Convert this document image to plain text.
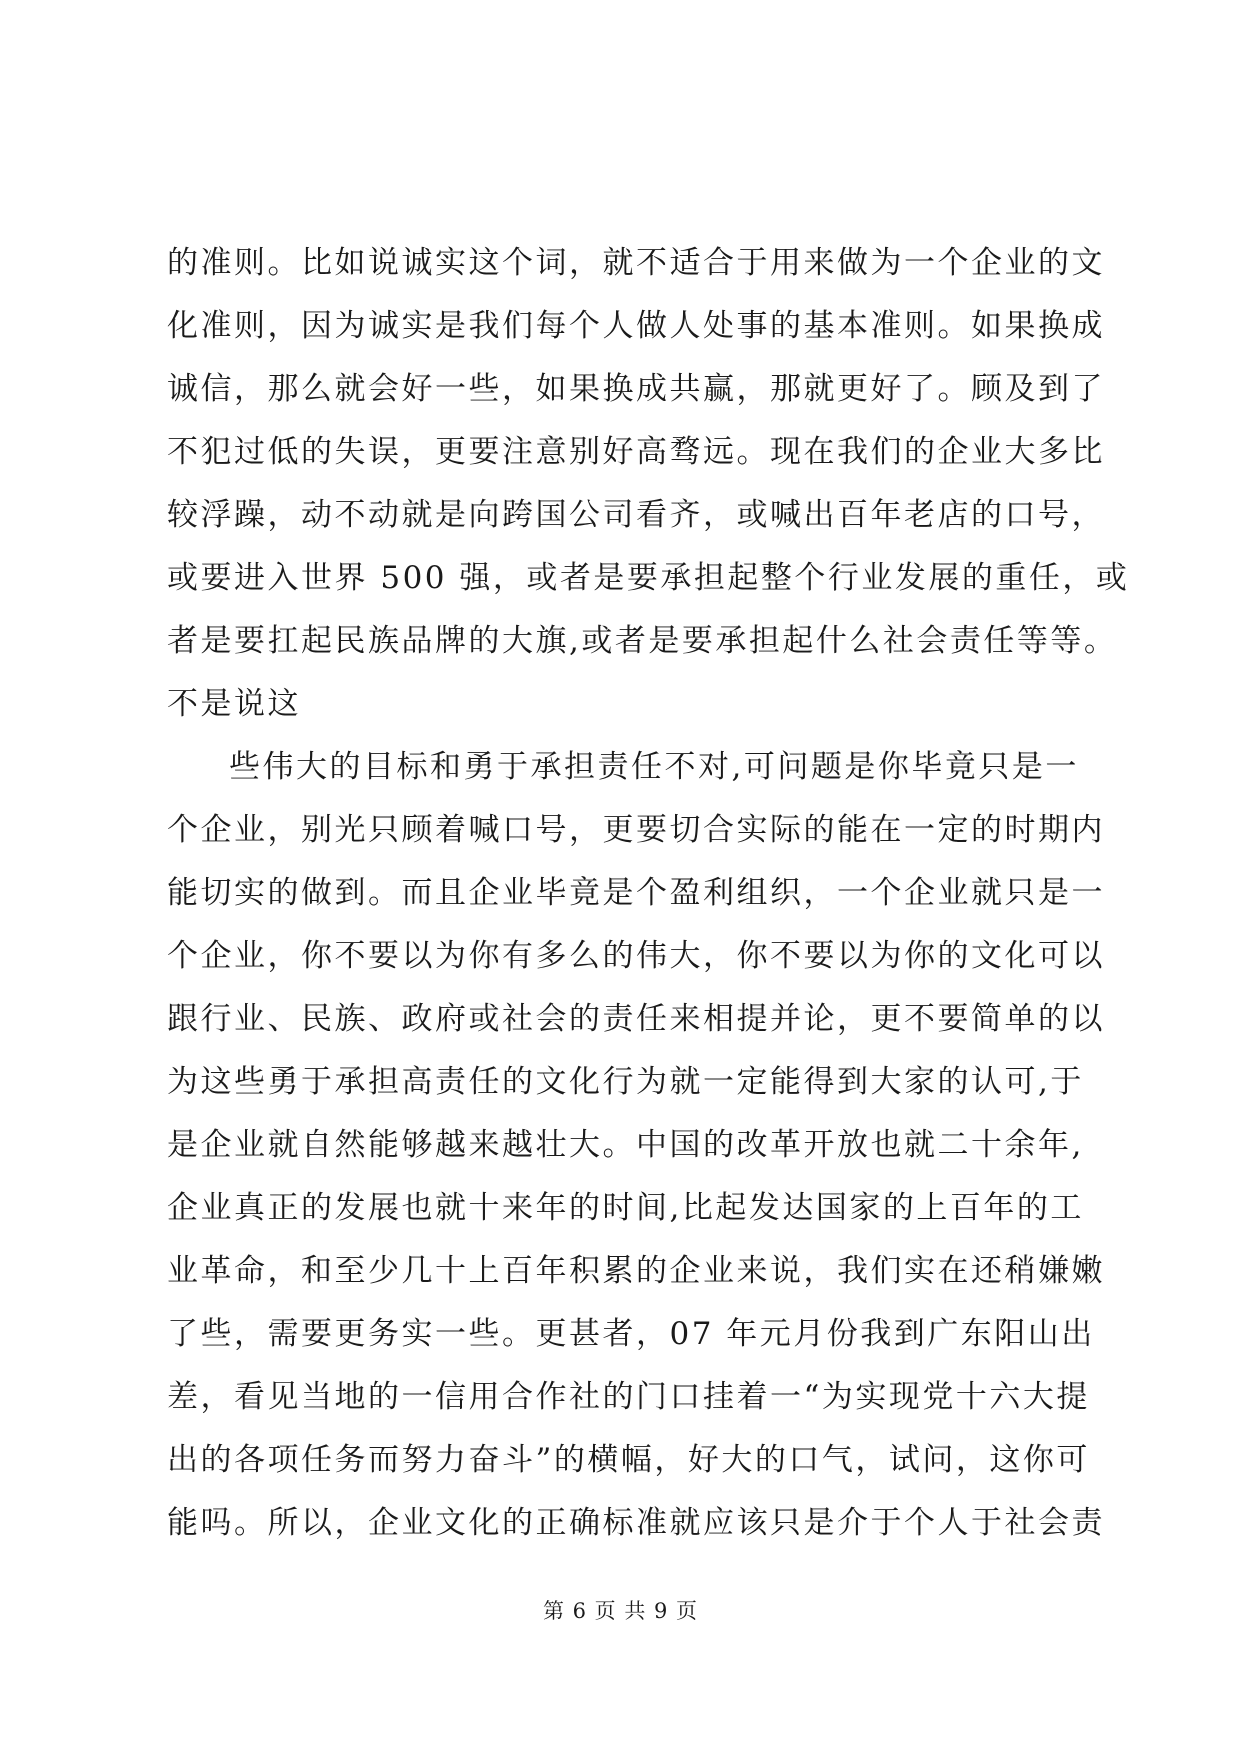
的准则。比如说诚实这个词，就不适合于用来做为一个企业的文
化准则，因为诚实是我们每个人做人处事的基本准则。如果换成
诚信，那么就会好一些，如果换成共赢，那就更好了。顾及到了
不犯过低的失误，更要注意别好高骛远。现在我们的企业大多比
较浮躁，动不动就是向跨国公司看齐，或喊出百年老店的口号，
或要进入世界 500 强，或者是要承担起整个行业发展的重任，或
者是要扛起民族品牌的大旗,或者是要承担起什么社会责任等等。
不是说这
些伟大的目标和勇于承担责任不对,可问题是你毕竟只是一
个企业，别光只顾着喊口号，更要切合实际的能在一定的时期内
能切实的做到。而且企业毕竟是个盈利组织，一个企业就只是一
个企业，你不要以为你有多么的伟大，你不要以为你的文化可以
跟行业、民族、政府或社会的责任来相提并论，更不要简单的以
为这些勇于承担高责任的文化行为就一定能得到大家的认可,于
是企业就自然能够越来越壮大。中国的改革开放也就二十余年,
企业真正的发展也就十来年的时间,比起发达国家的上百年的工
业革命，和至少几十上百年积累的企业来说，我们实在还稍嫌嫩
了些，需要更务实一些。更甚者，07 年元月份我到广东阳山出
差，看见当地的一信用合作社的门口挂着一“为实现党十六大提
出的各项任务而努力奋斗”的横幅，好大的口气，试问，这你可
能吗。所以，企业文化的正确标准就应该只是介于个人于社会责
第 6 页 共 9 页
